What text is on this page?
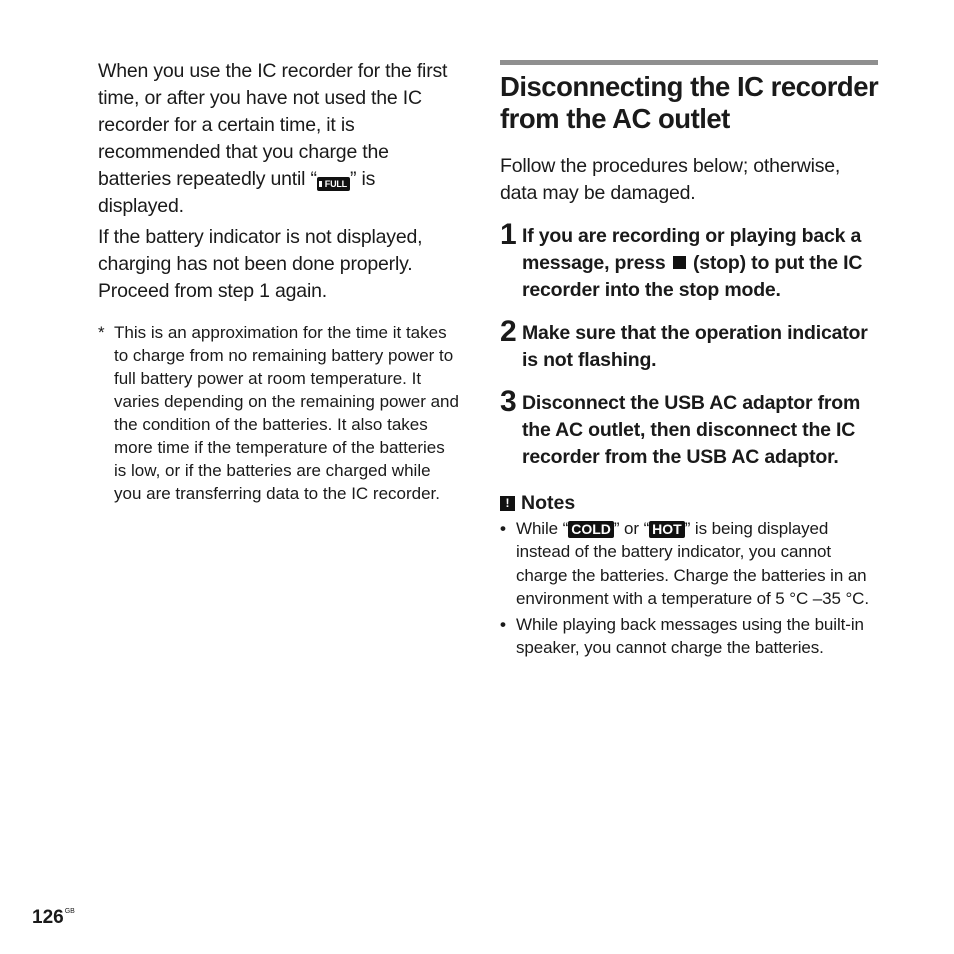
When you use the IC recorder for the first time, or after you have not used the IC recorder for a certain time, it is recommended that you charge the batteries repeatedly until “ FULL ” is displayed.

If the battery indicator is not displayed, charging has not been done properly. Proceed from step 1 again.

* This is an approximation for the time it takes to charge from no remaining battery power to full battery power at room temperature. It varies depending on the remaining power and the condition of the batteries. It also takes more time if the temperature of the batteries is low, or if the batteries are charged while you are transferring data to the IC recorder.
Disconnecting the IC recorder from the AC outlet

Follow the procedures below; otherwise, data may be damaged.

1 If you are recording or playing back a message, press  (stop) to put the IC recorder into the stop mode.
2 Make sure that the operation indicator is not flashing.
3 Disconnect the USB AC adaptor from the AC outlet, then disconnect the IC recorder from the USB AC adaptor.
! Notes
• While “ COLD ” or “ HOT ” is being displayed instead of the battery indicator, you cannot charge the batteries. Charge the batteries in an environment with a temperature of 5 °C –35 °C.
• While playing back messages using the built-in speaker, you cannot charge the batteries.
$126^{GB}$
